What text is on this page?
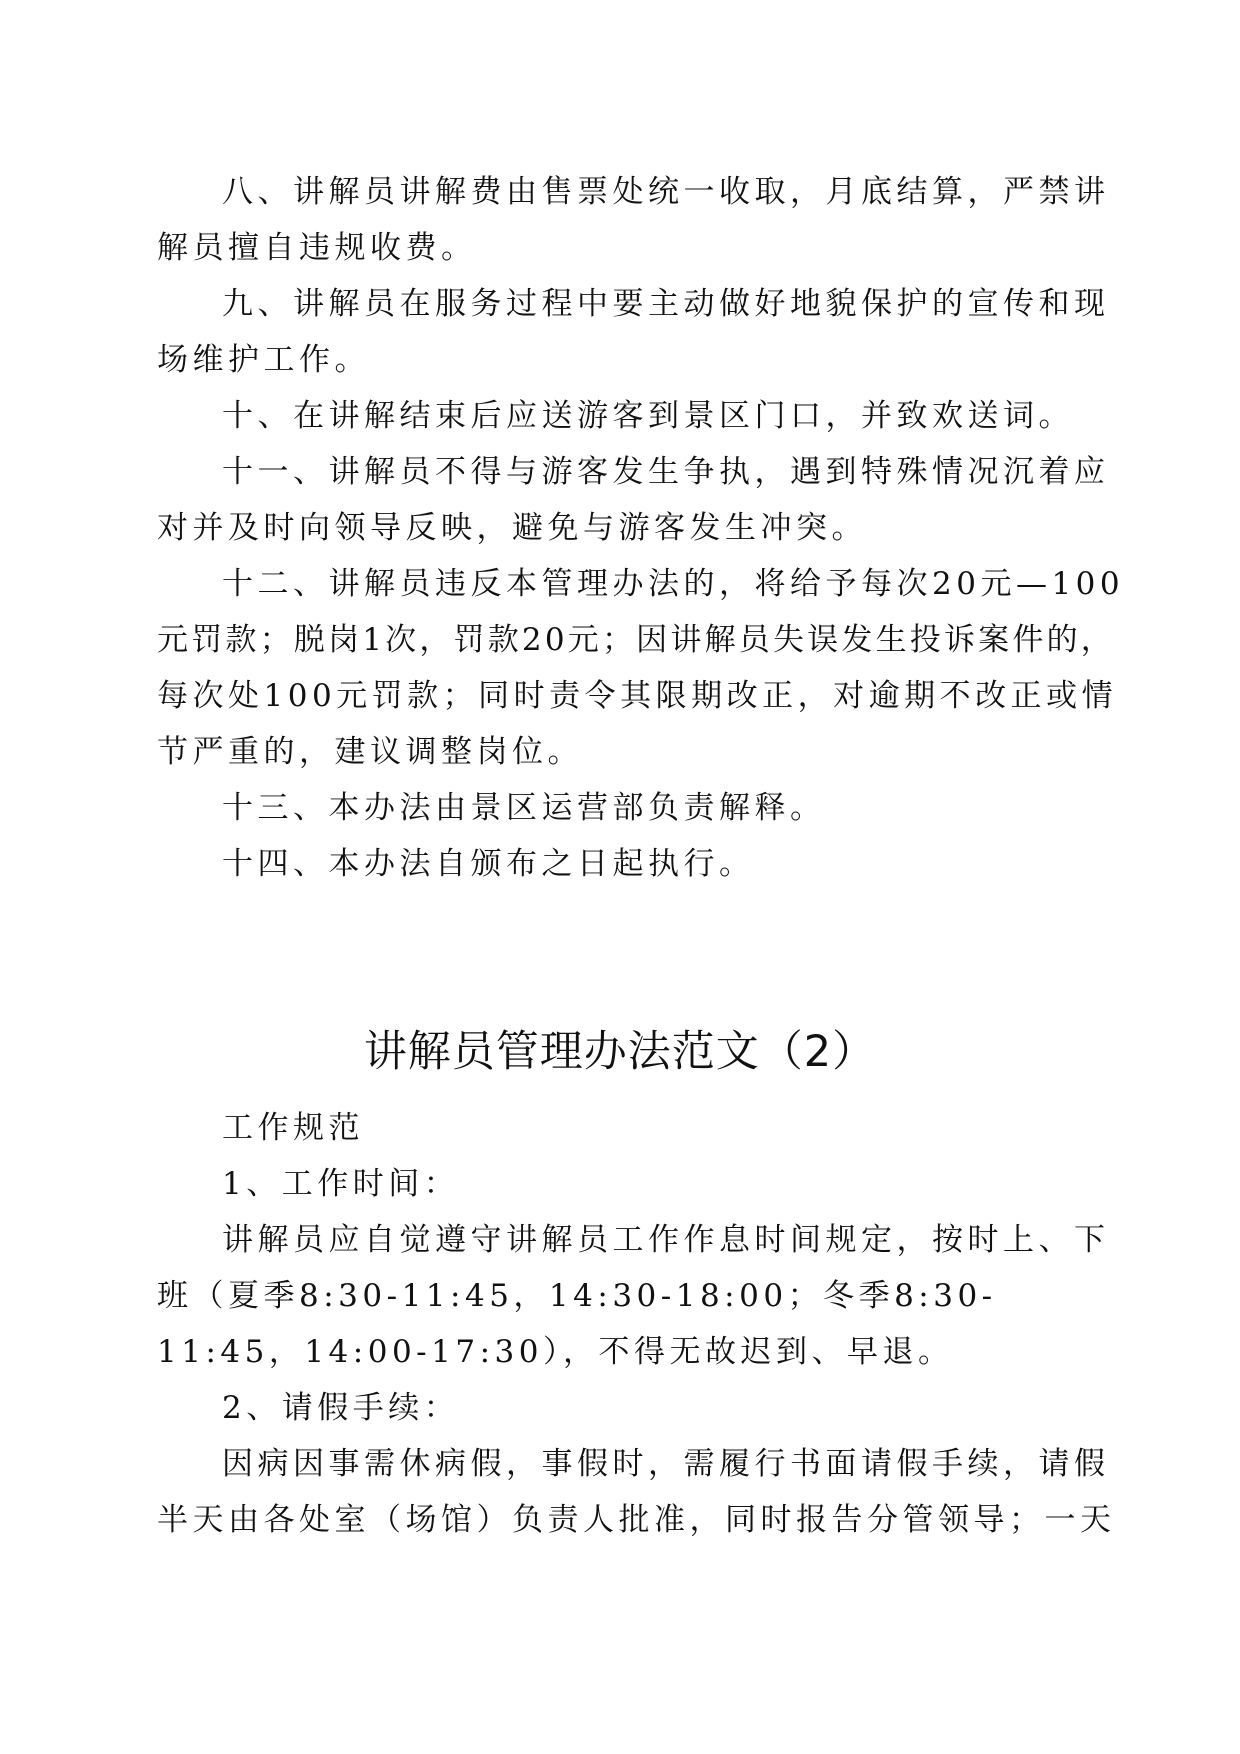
八、讲解员讲解费由售票处统一收取，月底结算，严禁讲
解员擅自违规收费。
九、讲解员在服务过程中要主动做好地貌保护的宣传和现
场维护工作。
十、在讲解结束后应送游客到景区门口，并致欢送词。
十一、讲解员不得与游客发生争执，遇到特殊情况沉着应
对并及时向领导反映，避免与游客发生冲突。
十二、讲解员违反本管理办法的，将给予每次20元—100
元罚款；脱岗1次，罚款20元；因讲解员失误发生投诉案件的，
每次处100元罚款；同时责令其限期改正，对逾期不改正或情
节严重的，建议调整岗位。
十三、本办法由景区运营部负责解释。
十四、本办法自颁布之日起执行。
讲解员管理办法范文（2）
工作规范
1、工作时间：
讲解员应自觉遵守讲解员工作作息时间规定，按时上、下
班（夏季8:30-11:45，14:30-18:00；冬季8:30-
11:45，14:00-17:30），不得无故迟到、早退。
2、请假手续：
因病因事需休病假，事假时，需履行书面请假手续，请假
半天由各处室（场馆）负责人批准，同时报告分管领导；一天
